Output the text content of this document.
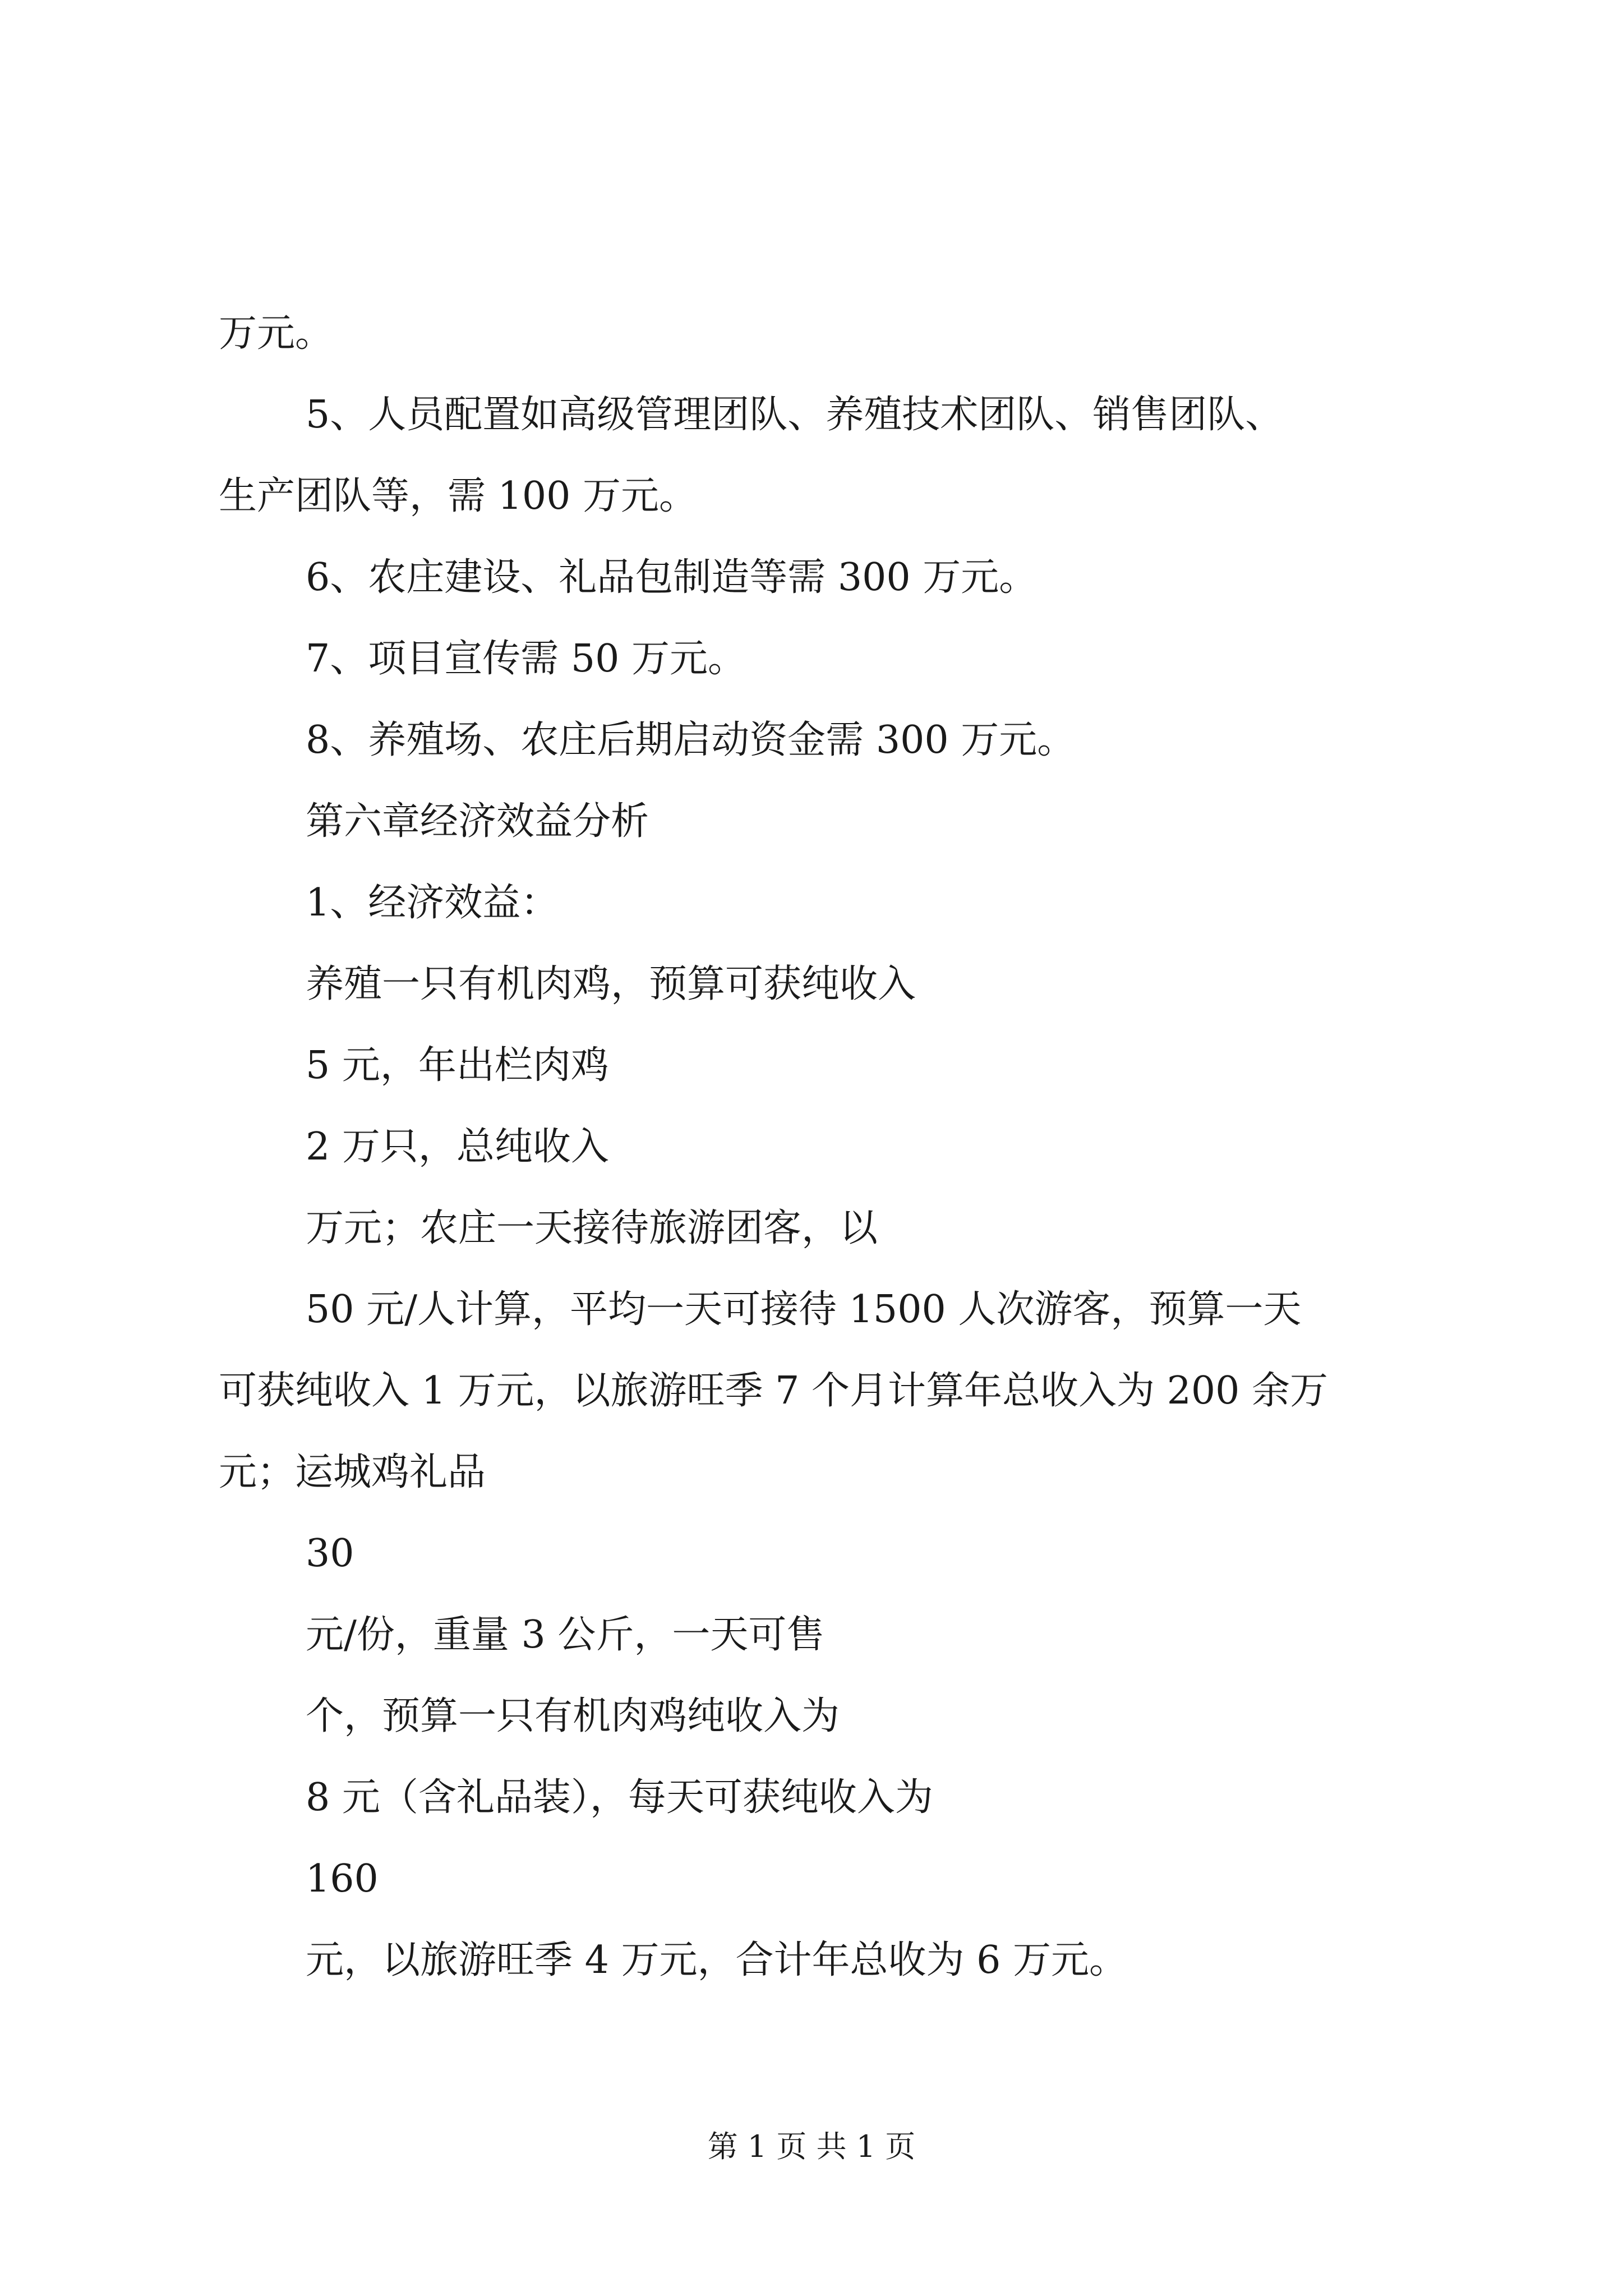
万元。
5、人员配置如高级管理团队、养殖技术团队、销售团队、
生产团队等，需 100 万元。
6、农庄建设、礼品包制造等需 300 万元。
7、项目宣传需 50 万元。
8、养殖场、农庄后期启动资金需 300 万元。
第六章经济效益分析
1、经济效益：
养殖一只有机肉鸡，预算可获纯收入
5 元，年出栏肉鸡
2 万只，总纯收入
万元；农庄一天接待旅游团客，以
50 元/人计算，平均一天可接待 1500 人次游客，预算一天
可获纯收入 1 万元，以旅游旺季 7 个月计算年总收入为 200 余万
元；运城鸡礼品
30
元/份，重量 3 公斤，一天可售
个，预算一只有机肉鸡纯收入为
8 元（含礼品装），每天可获纯收入为
160
元，以旅游旺季 4 万元，合计年总收为 6 万元。
第 1 页 共 1 页
